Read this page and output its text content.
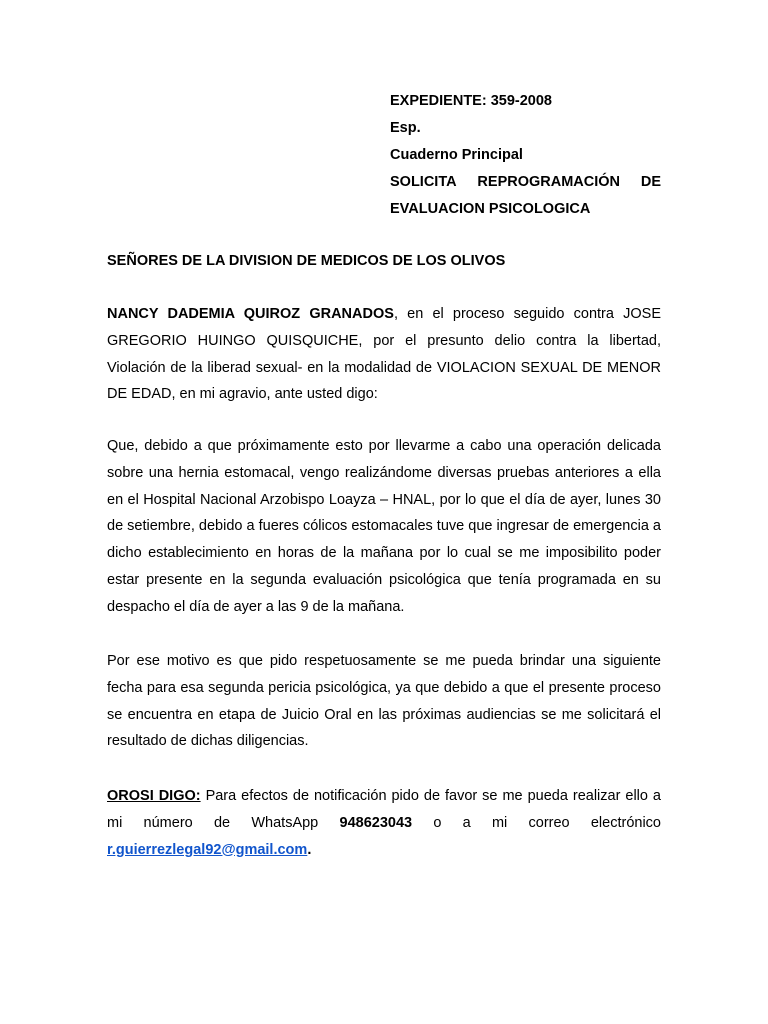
EXPEDIENTE: 359-2008
Esp.
Cuaderno Principal
SOLICITA REPROGRAMACIÓN DE
EVALUACION PSICOLOGICA
SEÑORES DE LA DIVISION DE MEDICOS DE LOS OLIVOS

NANCY DADEMIA QUIROZ GRANADOS, en el proceso seguido contra JOSE GREGORIO HUINGO QUISQUICHE, por el presunto delio contra la libertad, Violación de la liberad sexual- en la modalidad de VIOLACION SEXUAL DE MENOR DE EDAD, en mi agravio, ante usted digo:

Que, debido a que próximamente esto por llevarme a cabo una operación delicada sobre una hernia estomacal, vengo realizándome diversas pruebas anteriores a ella en el Hospital Nacional Arzobispo Loayza – HNAL, por lo que el día de ayer, lunes 30 de setiembre, debido a fueres cólicos estomacales tuve que ingresar de emergencia a dicho establecimiento en horas de la mañana por lo cual se me imposibilito poder estar presente en la segunda evaluación psicológica que tenía programada en su despacho el día de ayer a las 9 de la mañana.

Por ese motivo es que pido respetuosamente se me pueda brindar una siguiente fecha para esa segunda pericia psicológica, ya que debido a que el presente proceso se encuentra en etapa de Juicio Oral en las próximas audiencias se me solicitará el resultado de dichas diligencias.

OROSI DIGO: Para efectos de notificación pido de favor se me pueda realizar ello a mi número de WhatsApp 948623043 o a mi correo electrónico r.guierrezlegal92@gmail.com.
